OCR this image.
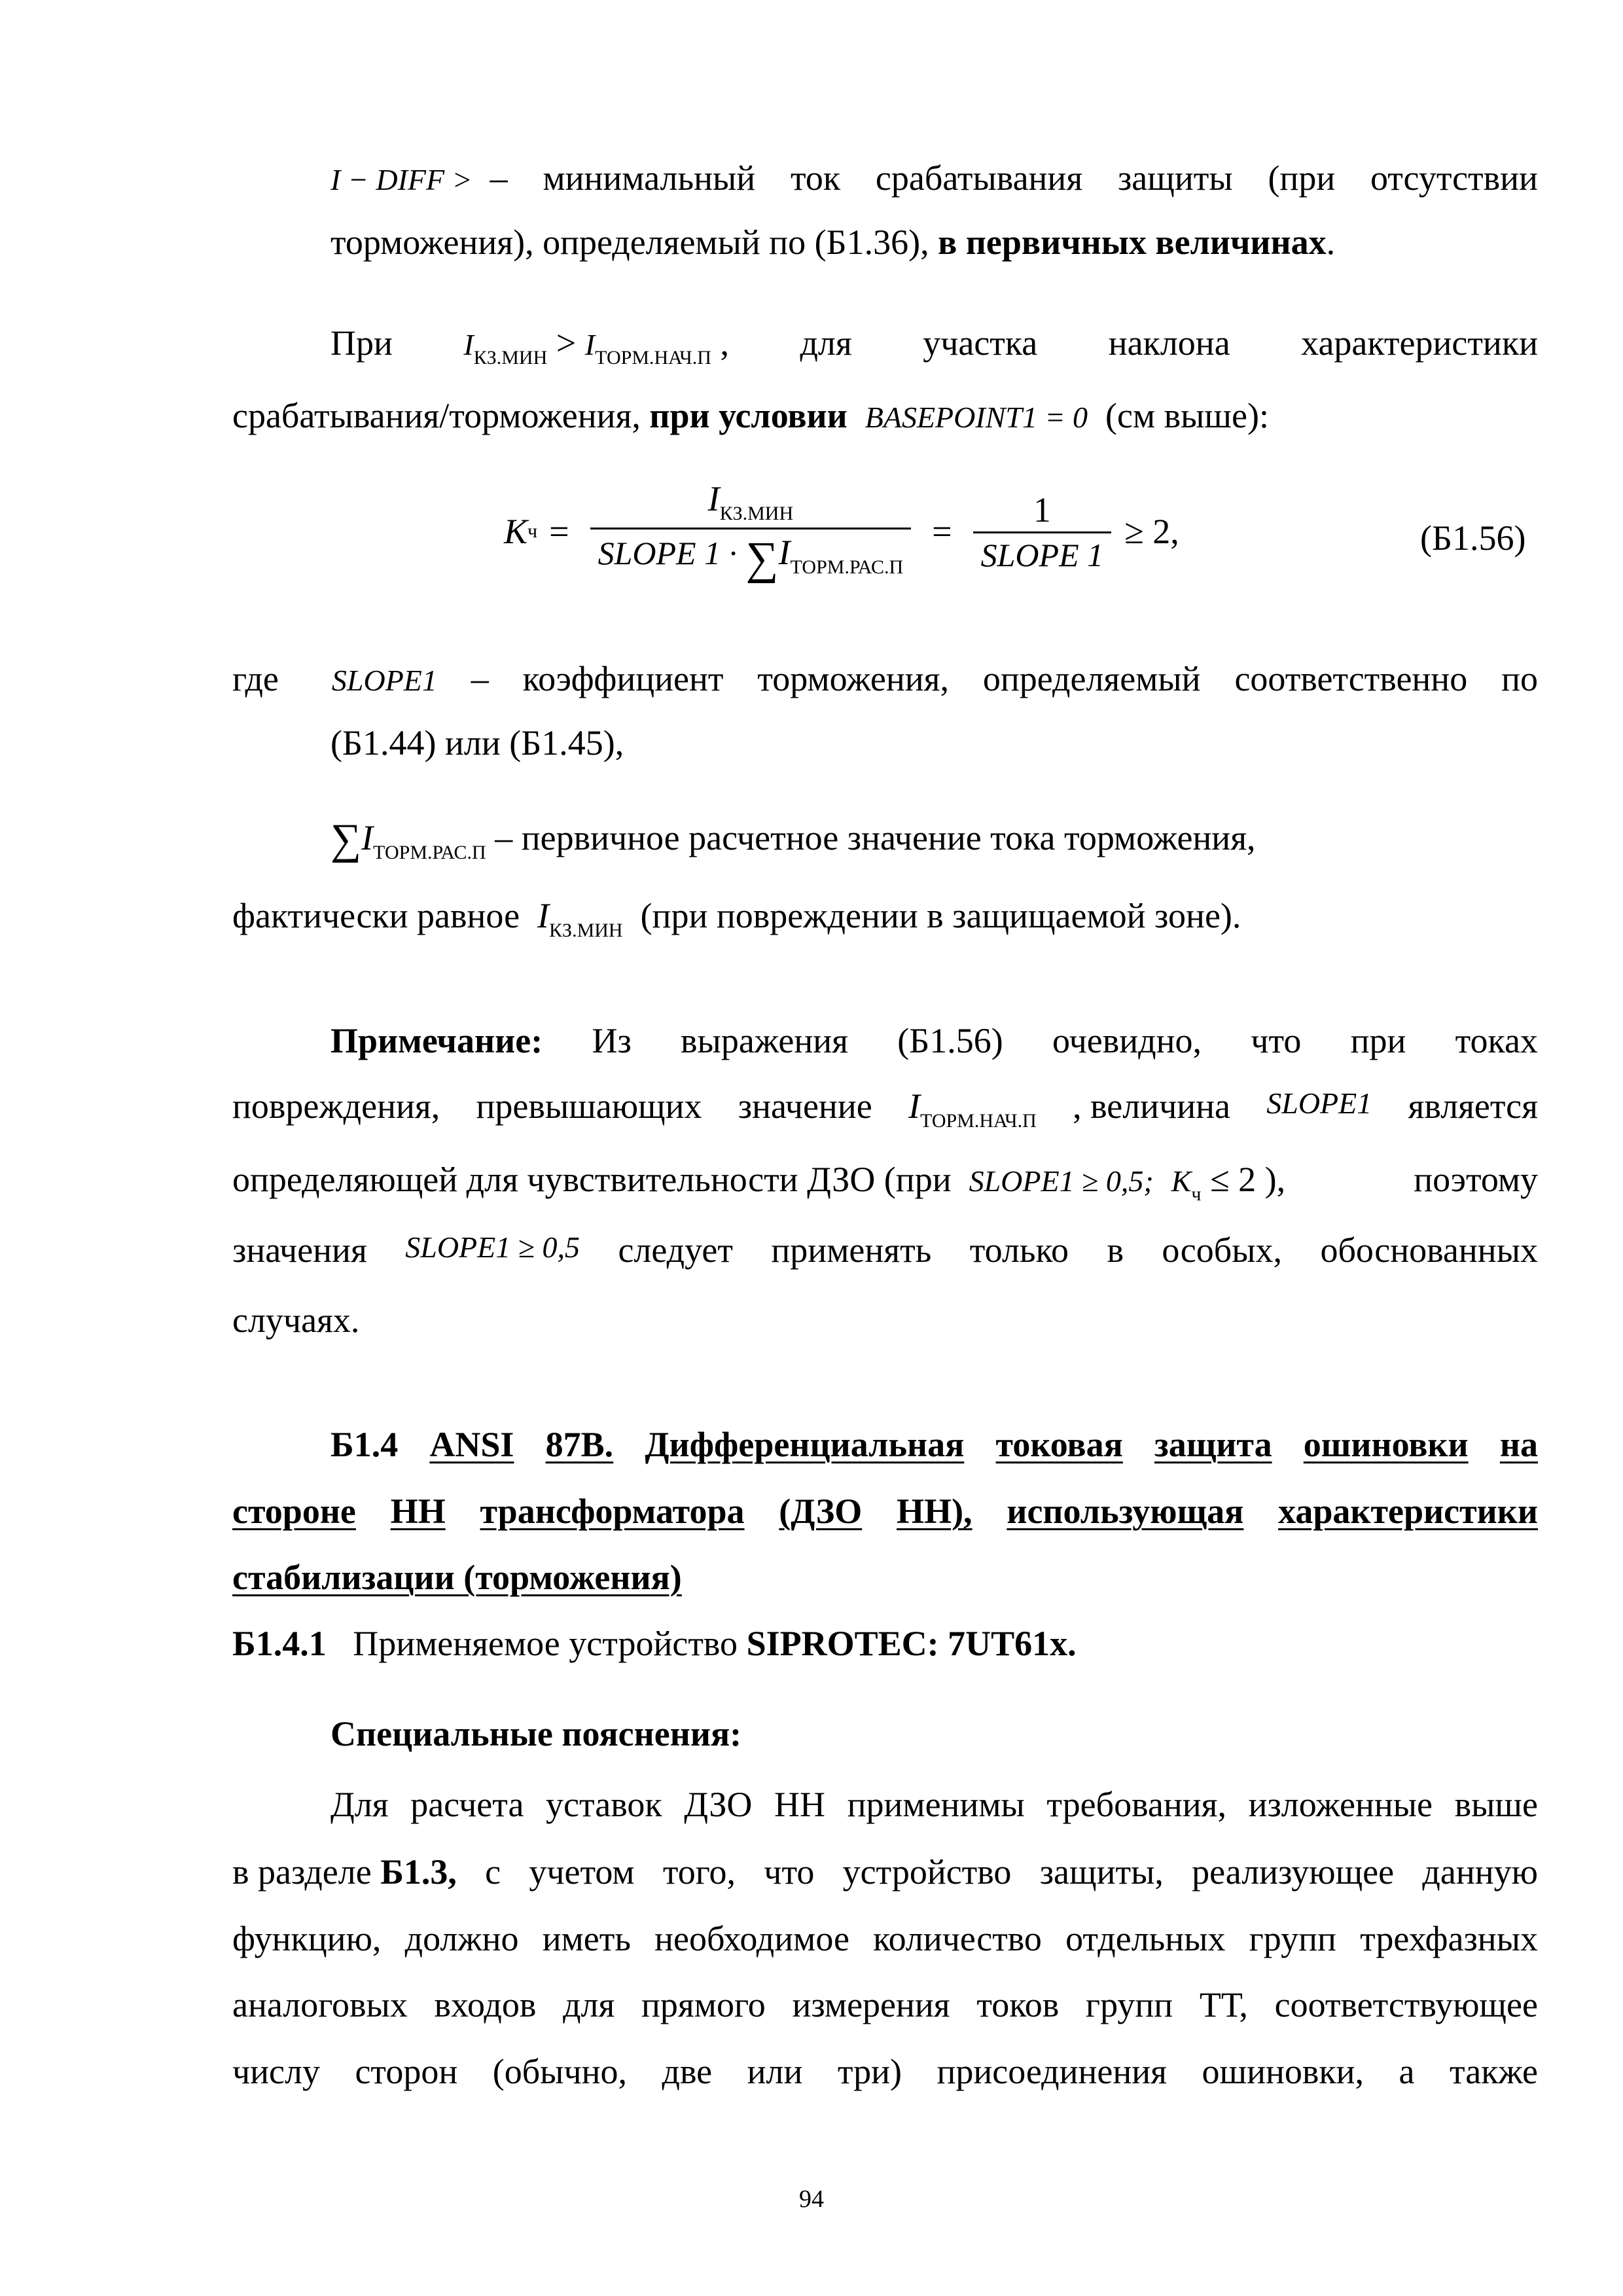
I − DIFF > – минимальный ток срабатывания защиты (при отсутствии
торможения), определяемый по (Б1.36), в первичных величинах.
При $I_{КЗ.МИН} > I_{ТОРМ.НАЧ.П}$ , для участка наклона характеристики
срабатывания/торможения, при условии BASEPOINT1 = 0 (см выше):
K $ч = \frac{I_{КЗ.МИН}}{SLOPE 1 \cdot \sum I_{ТОРМ.РАС.П}} = \frac{1}{\text{SLOPE 1}} \ge 2$,	(Б1.56)
где SLOPE1 – коэффициент торможения, определяемый соответственно по
(Б1.44) или (Б1.45),
$\sum I_{ТОРМ.РАС.П}$ – первичное расчетное значение тока торможения,
фактически равное $I_{КЗ.МИН}$ (при повреждении в защищаемой зоне).
Примечание: Из выражения (Б1.56) очевидно, что при токах
повреждения, превышающих значение $I_{ТОРМ.НАЧ.П}$ , величина SLOPE1 является
определяющей для чувствительности ДЗО (при SLOPE1 ≥ 0,5; $K_ч \le 2$ ),	поэтому
значения SLOPE1 ≥ 0,5 следует применять только в особых, обоснованных
случаях.
Б1.4 ANSI 87B. Дифференциальная токовая защита ошиновки на
стороне НН трансформатора (ДЗО НН), использующая характеристики
стабилизации (торможения)
Б1.4.1 Применяемое устройство SIPROTEC: 7UT61x.
Специальные пояснения:
Для расчета уставок ДЗО НН применимы требования, изложенные выше
в разделе Б1.3, с учетом того, что устройство защиты, реализующее данную
функцию, должно иметь необходимое количество отдельных групп трехфазных
аналоговых входов для прямого измерения токов групп ТТ, соответствующее
числу сторон (обычно, две или три) присоединения ошиновки, а также
94
